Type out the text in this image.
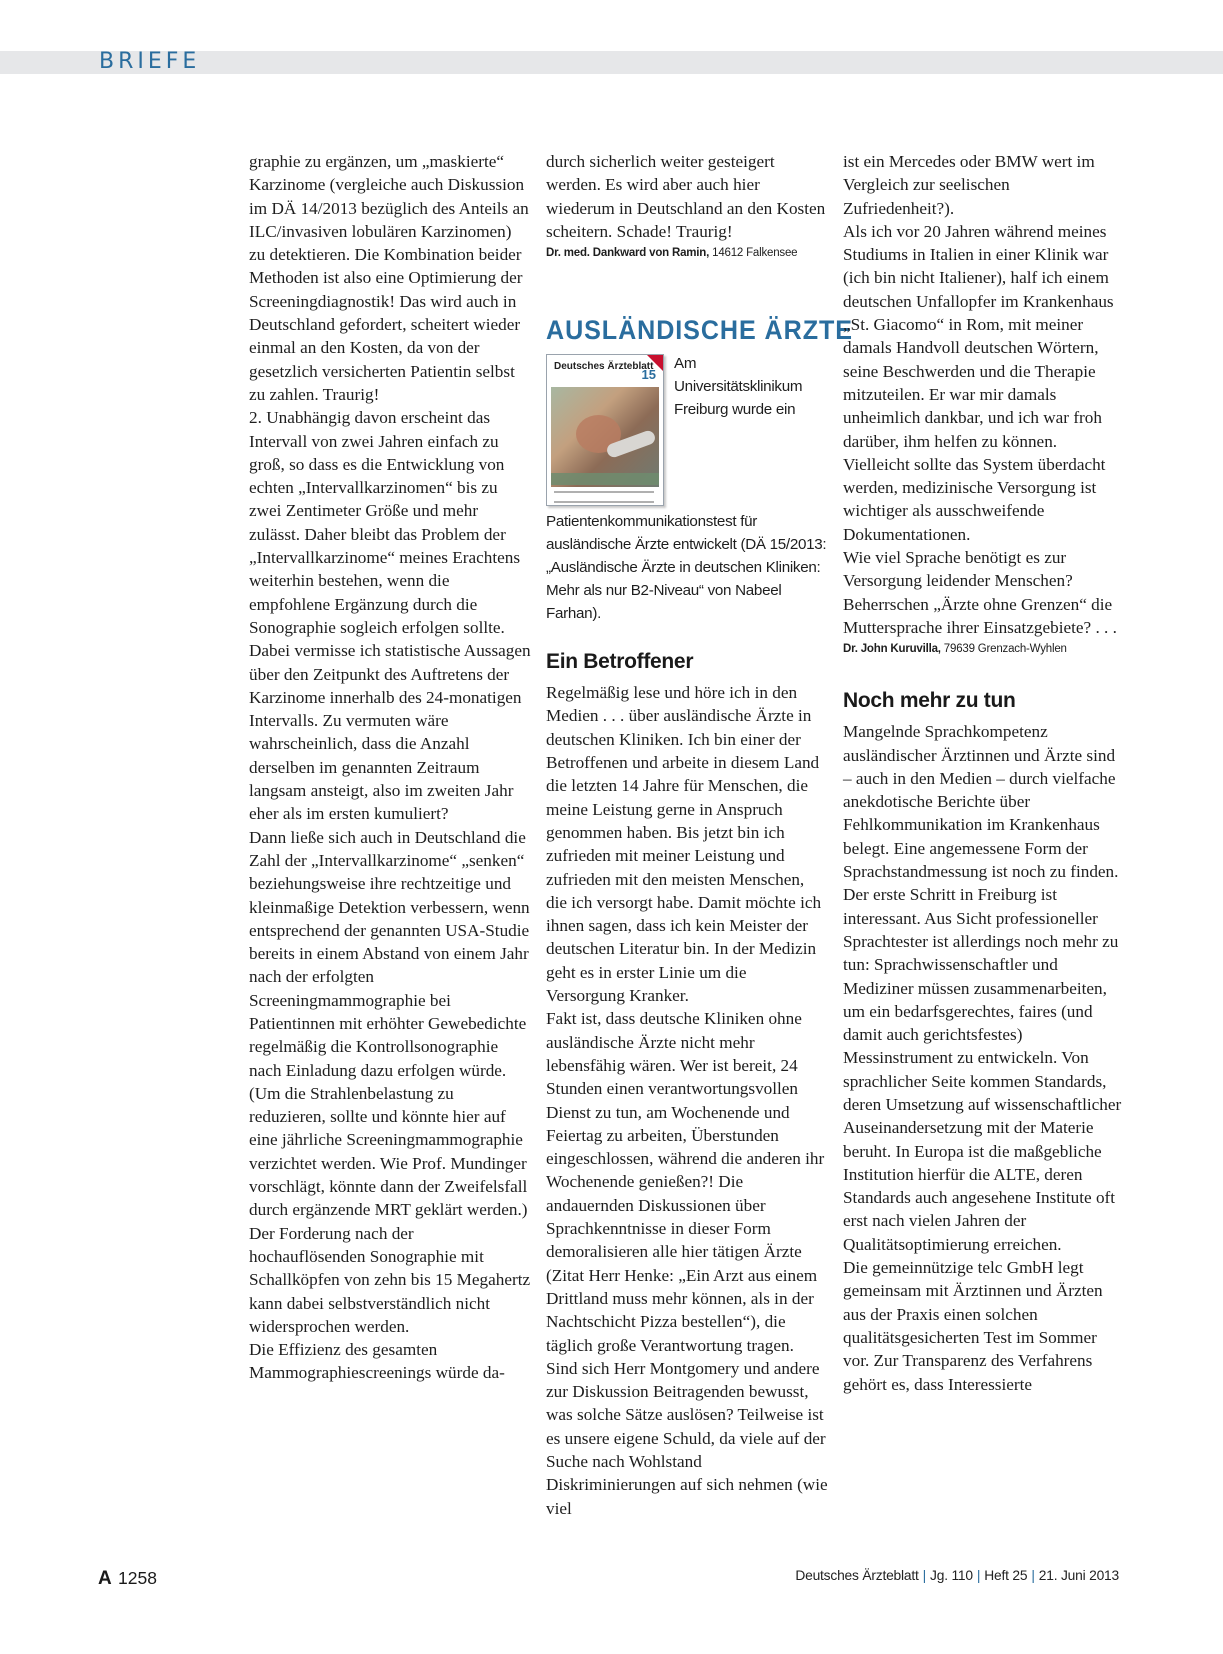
BRIEFE

graphie zu ergänzen, um „maskierte“ Karzinome (vergleiche auch Diskussion im DÄ 14/2013 bezüglich des Anteils an ILC/invasiven lobulären Karzinomen) zu detektieren. Die Kombination beider Methoden ist also eine Optimierung der Screeningdiagnostik! Das wird auch in Deutschland gefordert, scheitert wieder einmal an den Kosten, da von der gesetzlich versicherten Patientin selbst zu zahlen. Traurig!

2. Unabhängig davon erscheint das Intervall von zwei Jahren einfach zu groß, so dass es die Entwicklung von echten „Intervallkarzinomen“ bis zu zwei Zentimeter Größe und mehr zulässt. Daher bleibt das Problem der „Intervallkarzinome“ meines Erachtens weiterhin bestehen, wenn die empfohlene Ergänzung durch die Sonographie sogleich erfolgen sollte. Dabei vermisse ich statistische Aussagen über den Zeitpunkt des Auftretens der Karzinome innerhalb des 24-monatigen Intervalls. Zu vermuten wäre wahrscheinlich, dass die Anzahl derselben im genannten Zeitraum langsam ansteigt, also im zweiten Jahr eher als im ersten kumuliert?

Dann ließe sich auch in Deutschland die Zahl der „Intervallkarzinome“ „senken“ beziehungsweise ihre rechtzeitige und kleinmaßige Detektion verbessern, wenn entsprechend der genannten USA-Studie bereits in einem Abstand von einem Jahr nach der erfolgten Screeningmammographie bei Patientinnen mit erhöhter Gewebedichte regelmäßig die Kontrollsonographie nach Einladung dazu erfolgen würde. (Um die Strahlenbelastung zu reduzieren, sollte und könnte hier auf eine jährliche Screeningmammographie verzichtet werden. Wie Prof. Mundinger vorschlägt, könnte dann der Zweifelsfall durch ergänzende MRT geklärt werden.)

Der Forderung nach der hochauflösenden Sonographie mit Schallköpfen von zehn bis 15 Megahertz kann dabei selbstverständlich nicht widersprochen werden.

Die Effizienz des gesamten Mammographiescreenings würde da-

durch sicherlich weiter gesteigert werden. Es wird aber auch hier wiederum in Deutschland an den Kosten scheitern. Schade! Traurig!

Dr. med. Dankward von Ramin, 14612 Falkensee

AUSLÄNDISCHE ÄRZTE

Deutsches Ärzteblatt
15

Am Universitätsklinikum Freiburg wurde ein Patientenkommunikationstest für ausländische Ärzte entwickelt (DÄ 15/2013: „Ausländische Ärzte in deutschen Kliniken: Mehr als nur B2-Niveau“ von Nabeel Farhan).

Ein Betroffener

Regelmäßig lese und höre ich in den Medien . . . über ausländische Ärzte in deutschen Kliniken. Ich bin einer der Betroffenen und arbeite in diesem Land die letzten 14 Jahre für Menschen, die meine Leistung gerne in Anspruch genommen haben. Bis jetzt bin ich zufrieden mit meiner Leistung und zufrieden mit den meisten Menschen, die ich versorgt habe. Damit möchte ich ihnen sagen, dass ich kein Meister der deutschen Literatur bin. In der Medizin geht es in erster Linie um die Versorgung Kranker.

Fakt ist, dass deutsche Kliniken ohne ausländische Ärzte nicht mehr lebensfähig wären. Wer ist bereit, 24 Stunden einen verantwortungsvollen Dienst zu tun, am Wochenende und Feiertag zu arbeiten, Überstunden eingeschlossen, während die anderen ihr Wochenende genießen?! Die andauernden Diskussionen über Sprachkenntnisse in dieser Form demoralisieren alle hier tätigen Ärzte (Zitat Herr Henke: „Ein Arzt aus einem Drittland muss mehr können, als in der Nachtschicht Pizza bestellen“), die täglich große Verantwortung tragen. Sind sich Herr Montgomery und andere zur Diskussion Beitragenden bewusst, was solche Sätze auslösen? Teilweise ist es unsere eigene Schuld, da viele auf der Suche nach Wohlstand Diskriminierungen auf sich nehmen (wie viel

ist ein Mercedes oder BMW wert im Vergleich zur seelischen Zufriedenheit?).

Als ich vor 20 Jahren während meines Studiums in Italien in einer Klinik war (ich bin nicht Italiener), half ich einem deutschen Unfallopfer im Krankenhaus „St. Giacomo“ in Rom, mit meiner damals Handvoll deutschen Wörtern, seine Beschwerden und die Therapie mitzuteilen. Er war mir damals unheimlich dankbar, und ich war froh darüber, ihm helfen zu können.

Vielleicht sollte das System überdacht werden, medizinische Versorgung ist wichtiger als ausschweifende Dokumentationen.

Wie viel Sprache benötigt es zur Versorgung leidender Menschen? Beherrschen „Ärzte ohne Grenzen“ die Muttersprache ihrer Einsatzgebiete? . . .

Dr. John Kuruvilla, 79639 Grenzach-Wyhlen

Noch mehr zu tun

Mangelnde Sprachkompetenz ausländischer Ärztinnen und Ärzte sind – auch in den Medien – durch vielfache anekdotische Berichte über Fehlkommunikation im Krankenhaus belegt. Eine angemessene Form der Sprachstandmessung ist noch zu finden.

Der erste Schritt in Freiburg ist interessant. Aus Sicht professioneller Sprachtester ist allerdings noch mehr zu tun: Sprachwissenschaftler und Mediziner müssen zusammenarbeiten, um ein bedarfsgerechtes, faires (und damit auch gerichtsfestes) Messinstrument zu entwickeln. Von sprachlicher Seite kommen Standards, deren Umsetzung auf wissenschaftlicher Auseinandersetzung mit der Materie beruht. In Europa ist die maßgebliche Institution hierfür die ALTE, deren Standards auch angesehene Institute oft erst nach vielen Jahren der Qualitätsoptimierung erreichen.

Die gemeinnützige telc GmbH legt gemeinsam mit Ärztinnen und Ärzten aus der Praxis einen solchen qualitätsgesicherten Test im Sommer vor. Zur Transparenz des Verfahrens gehört es, dass Interessierte

A 1258	Deutsches Ärzteblatt | Jg. 110 | Heft 25 | 21. Juni 2013
